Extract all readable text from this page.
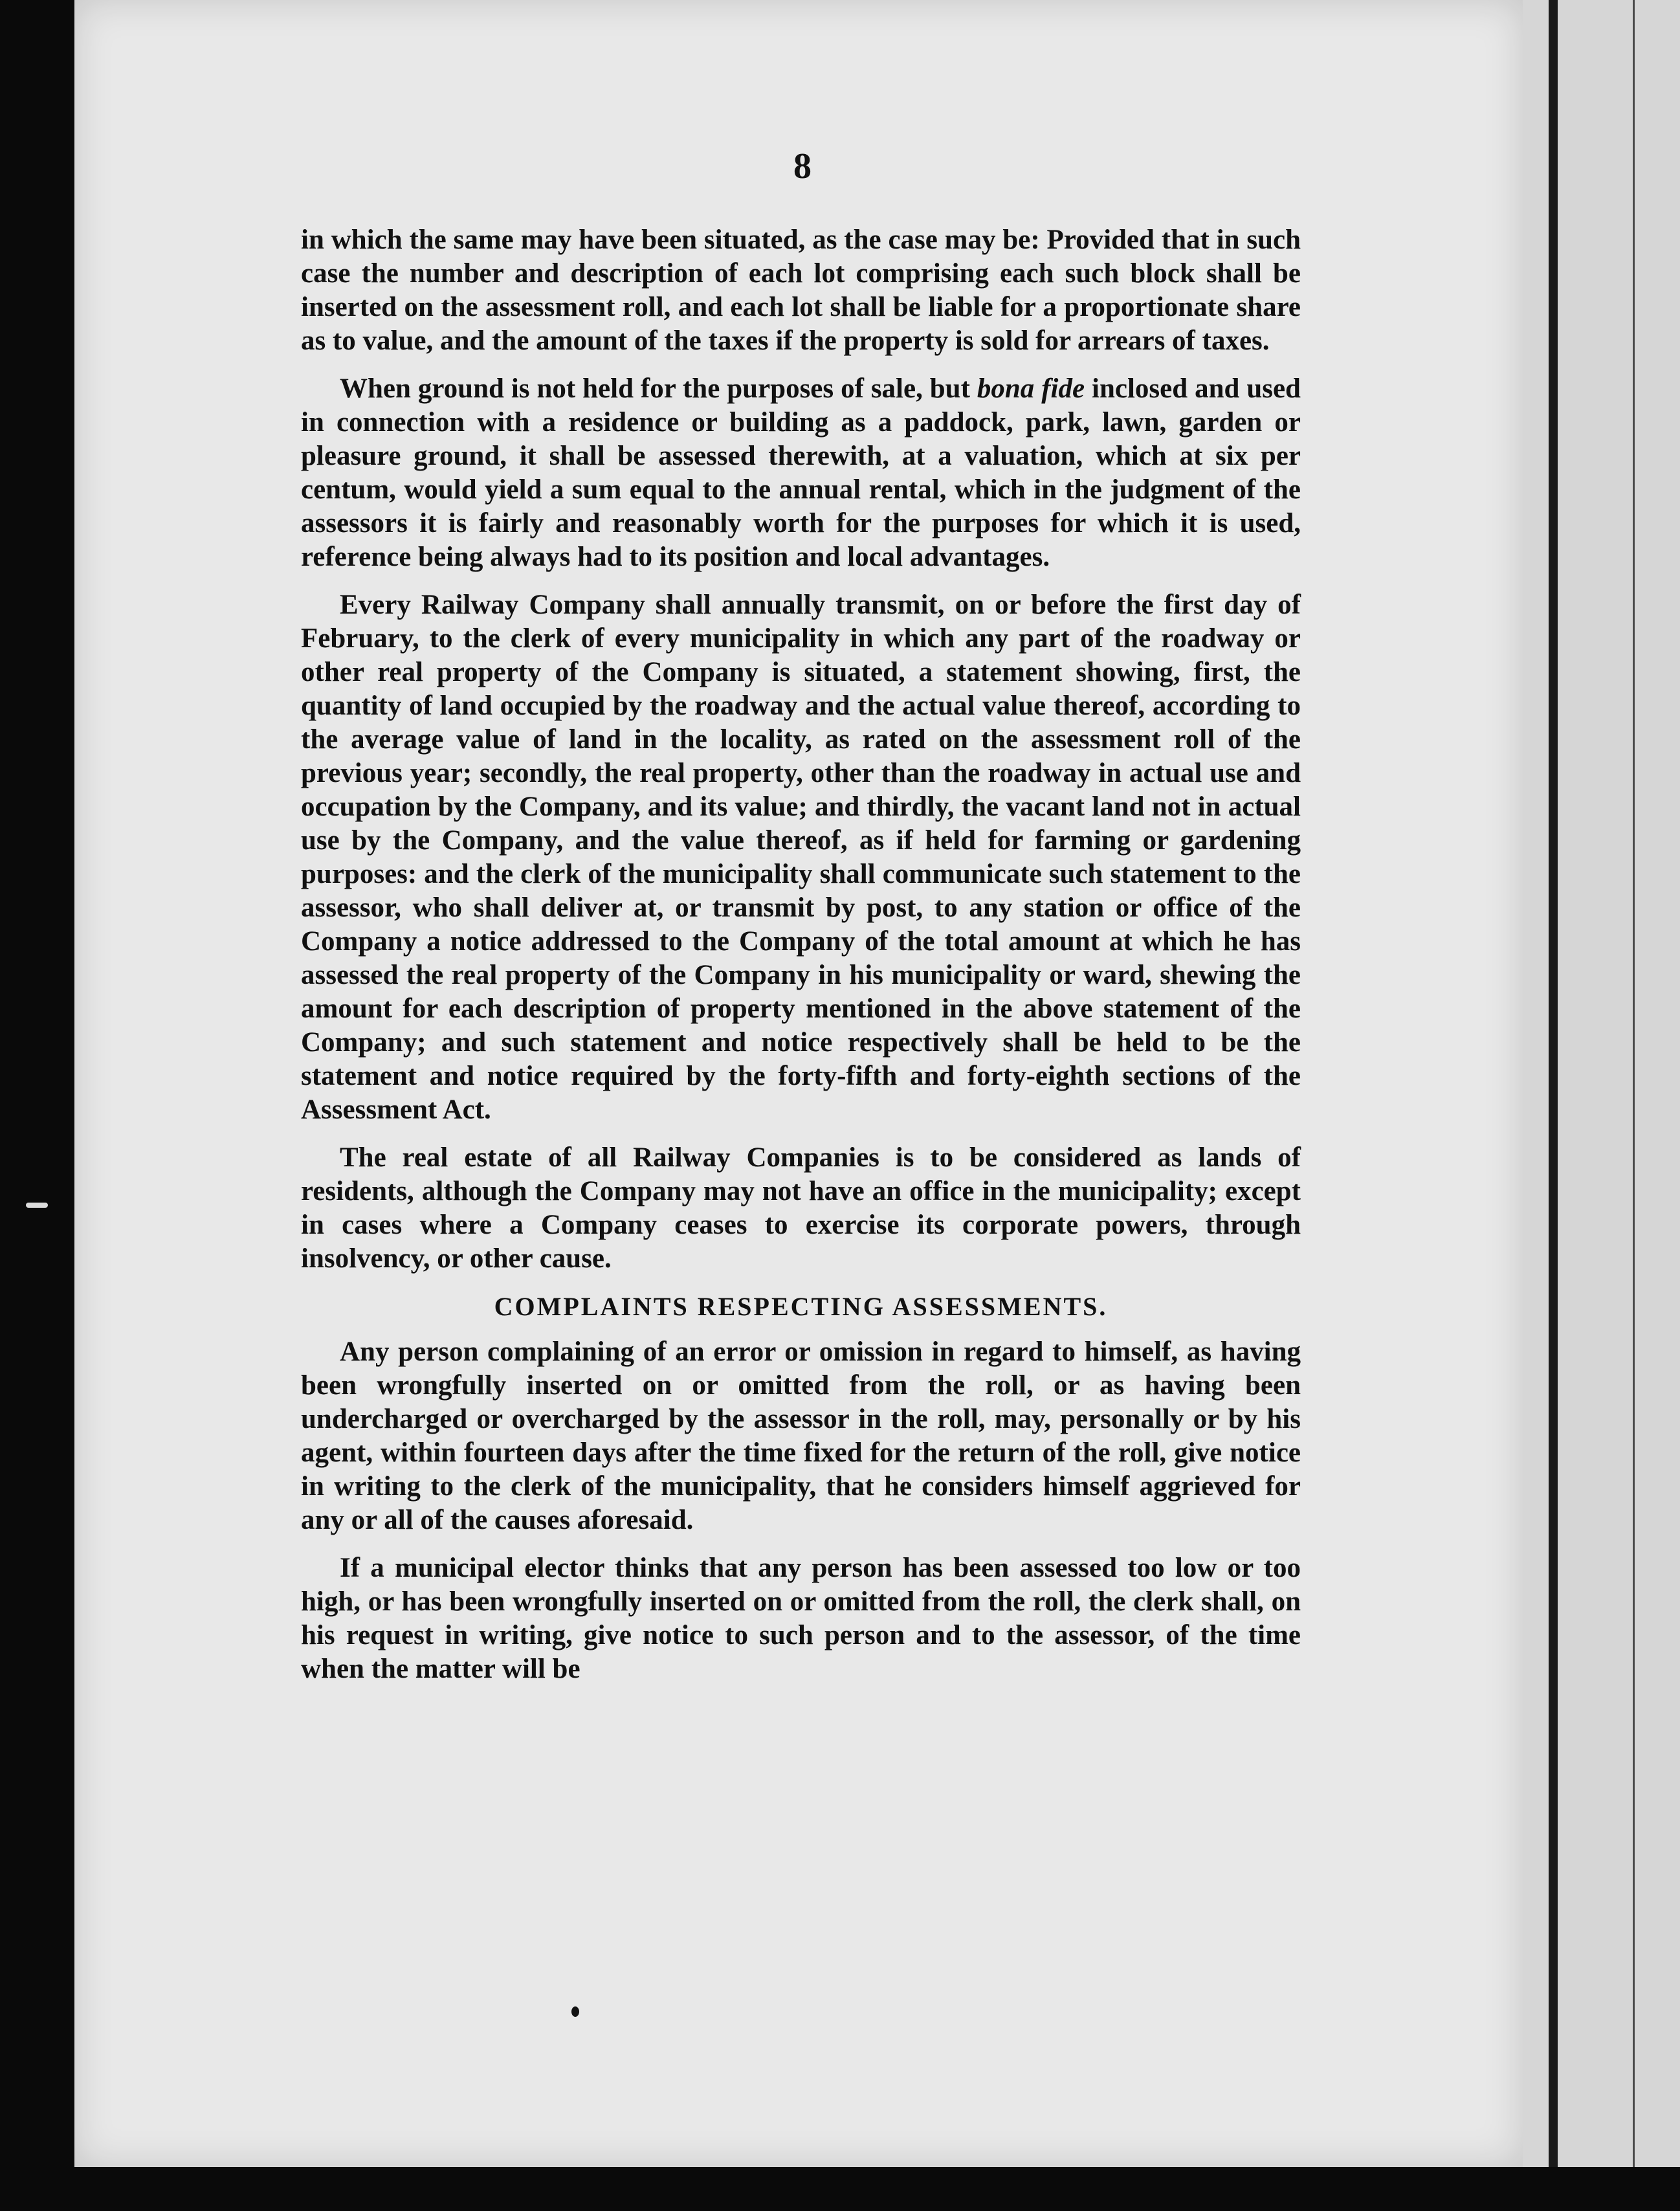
8

in which the same may have been situated, as the case may be: Provided that in such case the number and description of each lot comprising each such block shall be inserted on the assessment roll, and each lot shall be liable for a proportionate share as to value, and the amount of the taxes if the property is sold for arrears of taxes.

When ground is not held for the purposes of sale, but bona fide inclosed and used in connection with a residence or building as a paddock, park, lawn, garden or pleasure ground, it shall be assessed therewith, at a valuation, which at six per centum, would yield a sum equal to the annual rental, which in the judgment of the assessors it is fairly and reasonably worth for the purposes for which it is used, reference being always had to its position and local advantages.

Every Railway Company shall annually transmit, on or before the first day of February, to the clerk of every municipality in which any part of the roadway or other real property of the Company is situated, a statement showing, first, the quantity of land occupied by the roadway and the actual value thereof, according to the average value of land in the locality, as rated on the assessment roll of the previous year; secondly, the real property, other than the roadway in actual use and occupation by the Company, and its value; and thirdly, the vacant land not in actual use by the Company, and the value thereof, as if held for farming or gardening purposes: and the clerk of the municipality shall communicate such statement to the assessor, who shall deliver at, or transmit by post, to any station or office of the Company a notice addressed to the Company of the total amount at which he has assessed the real property of the Company in his municipality or ward, shewing the amount for each description of property mentioned in the above statement of the Company; and such statement and notice respectively shall be held to be the statement and notice required by the forty-fifth and forty-eighth sections of the Assessment Act.

The real estate of all Railway Companies is to be considered as lands of residents, although the Company may not have an office in the municipality; except in cases where a Company ceases to exercise its corporate powers, through insolvency, or other cause.

COMPLAINTS RESPECTING ASSESSMENTS.

Any person complaining of an error or omission in regard to himself, as having been wrongfully inserted on or omitted from the roll, or as having been undercharged or overcharged by the assessor in the roll, may, personally or by his agent, within fourteen days after the time fixed for the return of the roll, give notice in writing to the clerk of the municipality, that he considers himself aggrieved for any or all of the causes aforesaid.

If a municipal elector thinks that any person has been assessed too low or too high, or has been wrongfully inserted on or omitted from the roll, the clerk shall, on his request in writing, give notice to such person and to the assessor, of the time when the matter will be
